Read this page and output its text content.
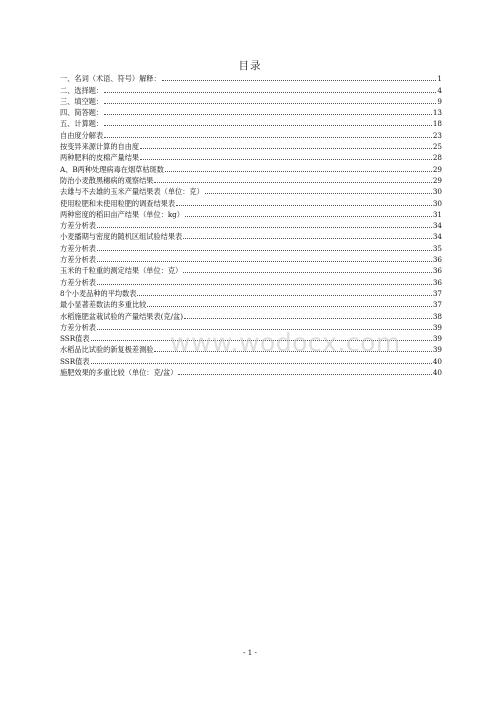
目录
一、名词（术语、符号）解释：	1
二、选择题：	4
三、填空题：	9
四、简答题：	13
五、计算题：	18
自由度分解表	23
按变异来源计算的自由度	25
两种肥料的皮棉产量结果	28
A、B两种处理病毒在烟草枯斑数	29
防治小麦散黑穗病的观察结果	29
去雄与不去雄的玉米产量结果表（单位：克）	30
使用粒肥和未使用粒肥的调查结果表	30
两种密度的稻田亩产结果（单位：kg）	31
方差分析表	34
小麦播期与密度的随机区组试验结果表	34
方差分析表	35
方差分析表	36
玉米的千粒重的测定结果（单位：克）	36
方差分析表	36
8个小麦品种的平均数表	37
最小显著差数法的多重比较	37
水稻施肥盆栽试验的产量结果表(克/盆)	38
方差分析表	39
SSR值表	39
水稻品比试验的新复极差测验	39
SSR值表	40
施肥效果的多重比较（单位：克/盆）	40
www.wodocx.com
- 1 -
